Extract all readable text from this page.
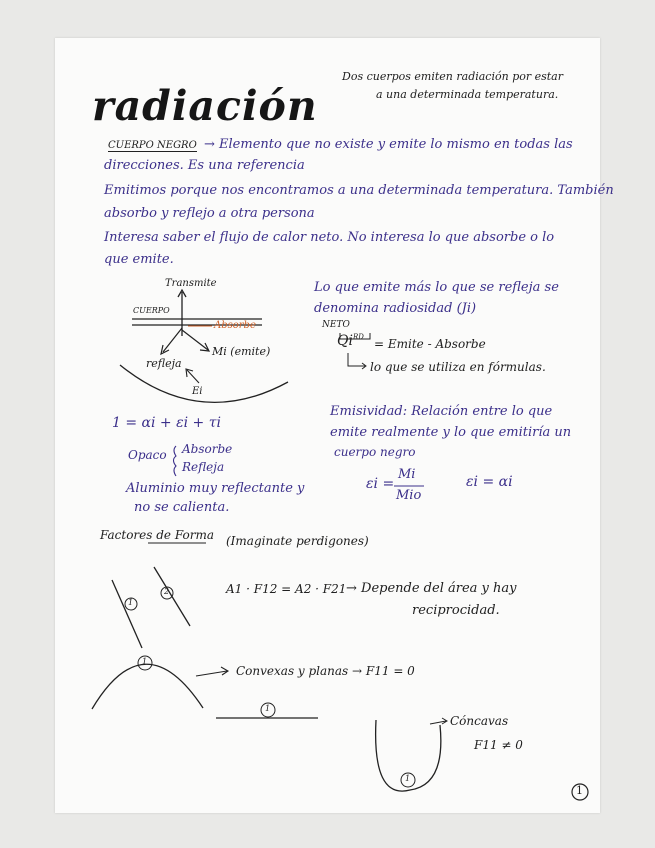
radiación
Dos cuerpos emiten radiación por estar
a una determinada temperatura.
CUERPO NEGRO → Elemento que no existe y emite lo mismo en todas las
direcciones. Es una referencia
Emitimos porque nos encontramos a una determinada temperatura. También
absorbo y reflejo a otra persona
Interesa saber el flujo de calor neto. No interesa lo que absorbe o lo
que emite.
Transmite
CUERPO
Absorbe
refleja
Mi (emite)
Ei
Lo que emite más lo que se refleja se
denomina radiosidad (Ji)
NETO
$Qi^{RD}$ = Emite - Absorbe
lo que se utiliza en fórmulas.
1 = αi + εi + τi
Opaco Absorbe
Refleja
Aluminio muy reflectante y
no se calienta.
Emisividad: Relación entre lo que
emite realmente y lo que emitiría un
cuerpo negro
εi =
Mi
Mio
εi = αi
Factores de Forma (Imaginate perdigones)
A1 · F12 = A2 · F21 → Depende del área y hay
reciprocidad.
1
2
1
1
1
Convexas y planas → F11 = 0
Cóncavas
F11 ≠ 0
1
